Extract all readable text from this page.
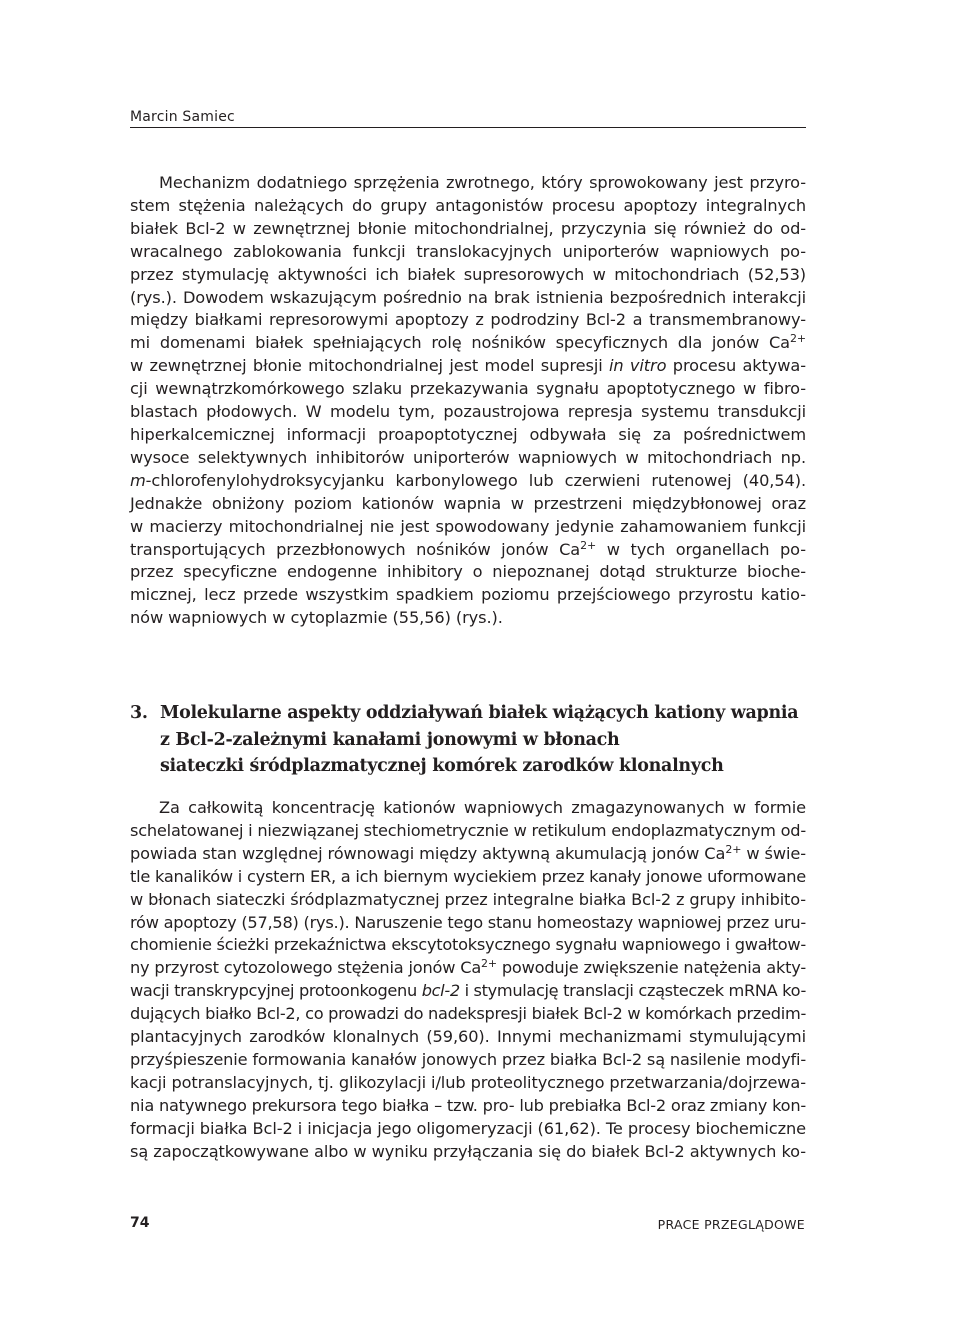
Marcin Samiec
Mechanizm dodatniego sprzężenia zwrotnego, który sprowokowany jest przyro-
stem stężenia należących do grupy antagonistów procesu apoptozy integralnych
białek Bcl-2 w zewnętrznej błonie mitochondrialnej, przyczynia się również do od-
wracalnego zablokowania funkcji translokacyjnych uniporterów wapniowych po-
przez stymulację aktywności ich białek supresorowych w mitochondriach (52,53)
(rys.). Dowodem wskazującym pośrednio na brak istnienia bezpośrednich interakcji
między białkami represorowymi apoptozy z podrodziny Bcl-2 a transmembranowy-
mi domenami białek spełniających rolę nośników specyficznych dla jonów $Ca^{2+}$
w zewnętrznej błonie mitochondrialnej jest model supresji in vitro procesu aktywa-
cji wewnątrzkomórkowego szlaku przekazywania sygnału apoptotycznego w fibro-
blastach płodowych. W modelu tym, pozaustrojowa represja systemu transdukcji
hiperkalcemicznej informacji proapoptotycznej odbywała się za pośrednictwem
wysoce selektywnych inhibitorów uniporterów wapniowych w mitochondriach np.
m-chlorofenylohydroksycyjanku karbonylowego lub czerwieni rutenowej (40,54).
Jednakże obniżony poziom kationów wapnia w przestrzeni międzybłonowej oraz
w macierzy mitochondrialnej nie jest spowodowany jedynie zahamowaniem funkcji
transportujących przezbłonowych nośników jonów $Ca^{2+}$ w tych organellach po-
przez specyficzne endogenne inhibitory o niepoznanej dotąd strukturze bioche-
micznej, lecz przede wszystkim spadkiem poziomu przejściowego przyrostu katio-
nów wapniowych w cytoplazmie (55,56) (rys.).
3. Molekularne aspekty oddziaływań białek wiążących kationy wapnia
z Bcl-2-zależnymi kanałami jonowymi w błonach
siateczki śródplazmatycznej komórek zarodków klonalnych
Za całkowitą koncentrację kationów wapniowych zmagazynowanych w formie
schelatowanej i niezwiązanej stechiometrycznie w retikulum endoplazmatycznym od-
powiada stan względnej równowagi między aktywną akumulacją jonów $Ca^{2+}$ w świe-
tle kanalików i cystern ER, a ich biernym wyciekiem przez kanały jonowe uformowane
w błonach siateczki śródplazmatycznej przez integralne białka Bcl-2 z grupy inhibito-
rów apoptozy (57,58) (rys.). Naruszenie tego stanu homeostazy wapniowej przez uru-
chomienie ścieżki przekaźnictwa ekscytotoksycznego sygnału wapniowego i gwałtow-
ny przyrost cytozolowego stężenia jonów $Ca^{2+}$ powoduje zwiększenie natężenia akty-
wacji transkrypcyjnej protoonkogenu bcl-2 i stymulację translacji cząsteczek mRNA ko-
dujących białko Bcl-2, co prowadzi do nadekspresji białek Bcl-2 w komórkach przedim-
plantacyjnych zarodków klonalnych (59,60). Innymi mechanizmami stymulującymi
przyśpieszenie formowania kanałów jonowych przez białka Bcl-2 są nasilenie modyfi-
kacji potranslacyjnych, tj. glikozylacji i/lub proteolitycznego przetwarzania/dojrzewa-
nia natywnego prekursora tego białka – tzw. pro- lub prebiałka Bcl-2 oraz zmiany kon-
formacji białka Bcl-2 i inicjacja jego oligomeryzacji (61,62). Te procesy biochemiczne
są zapoczątkowywane albo w wyniku przyłączania się do białek Bcl-2 aktywnych ko-
74	PRACE PRZEGLĄDOWE
